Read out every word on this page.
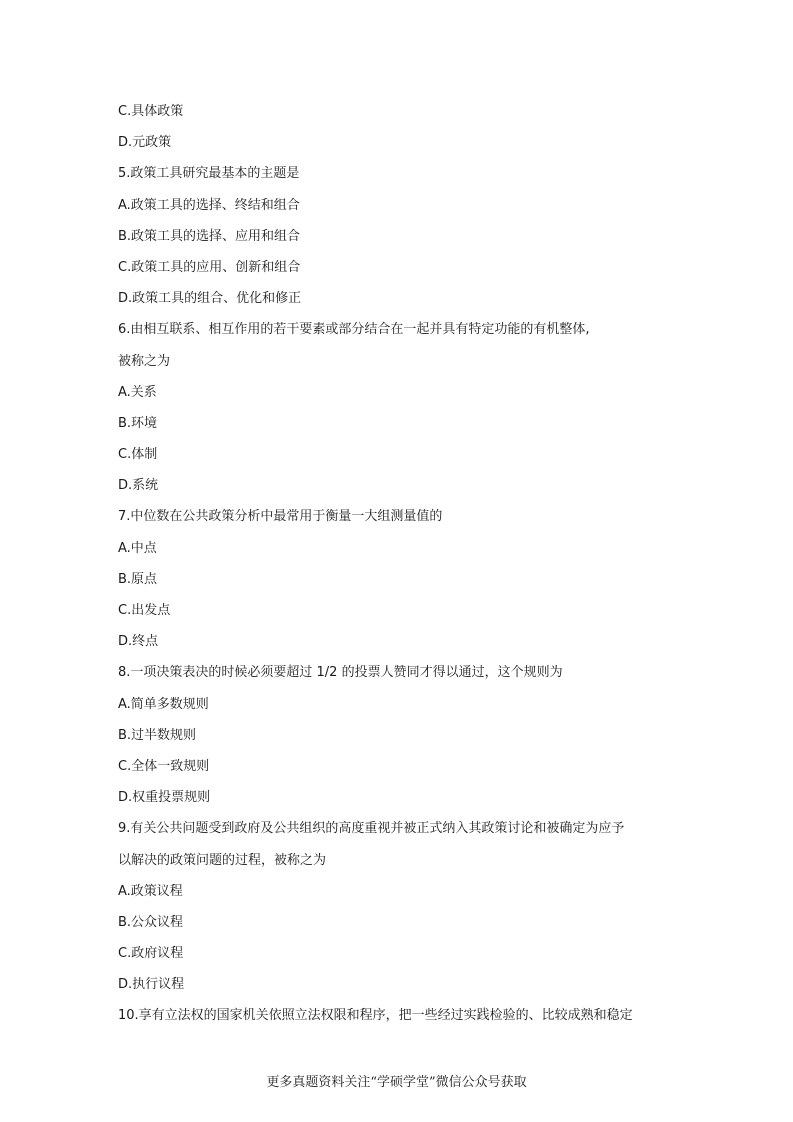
C.具体政策
D.元政策
5.政策工具研究最基本的主题是
A.政策工具的选择、终结和组合
B.政策工具的选择、应用和组合
C.政策工具的应用、创新和组合
D.政策工具的组合、优化和修正
6.由相互联系、相互作用的若干要素或部分结合在一起并具有特定功能的有机整体,
被称之为
A.关系
B.环境
C.体制
D.系统
7.中位数在公共政策分析中最常用于衡量一大组测量值的
A.中点
B.原点
C.出发点
D.终点
8.一项决策表决的时候必须要超过 1/2 的投票人赞同才得以通过，这个规则为
A.简单多数规则
B.过半数规则
C.全体一致规则
D.权重投票规则
9.有关公共问题受到政府及公共组织的高度重视并被正式纳入其政策讨论和被确定为应予
以解决的政策问题的过程，被称之为
A.政策议程
B.公众议程
C.政府议程
D.执行议程
10.享有立法权的国家机关依照立法权限和程序，把一些经过实践检验的、比较成熟和稳定
更多真题资料关注“学硕学堂”微信公众号获取
